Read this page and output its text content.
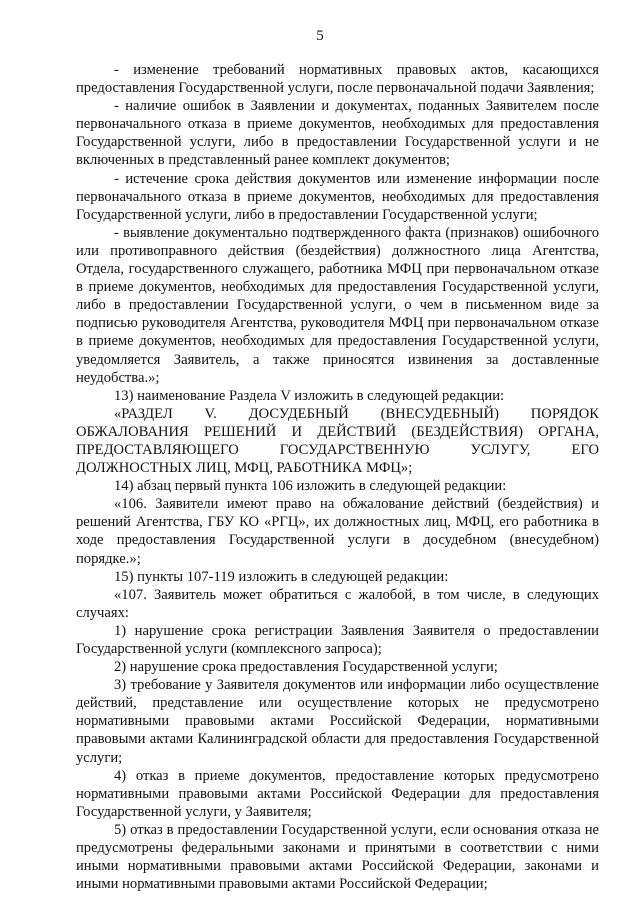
5

- изменение требований нормативных правовых актов, касающихся предоставления Государственной услуги, после первоначальной подачи Заявления;

- наличие ошибок в Заявлении и документах, поданных Заявителем после первоначального отказа в приеме документов, необходимых для предоставления Государственной услуги, либо в предоставлении Государственной услуги и не включенных в представленный ранее комплект документов;

- истечение срока действия документов или изменение информации после первоначального отказа в приеме документов, необходимых для предоставления Государственной услуги, либо в предоставлении Государственной услуги;

- выявление документально подтвержденного факта (признаков) ошибочного или противоправного действия (бездействия) должностного лица Агентства, Отдела, государственного служащего, работника МФЦ при первоначальном отказе в приеме документов, необходимых для предоставления Государственной услуги, либо в предоставлении Государственной услуги, о чем в письменном виде за подписью руководителя Агентства, руководителя МФЦ при первоначальном отказе в приеме документов, необходимых для предоставления Государственной услуги, уведомляется Заявитель, а также приносятся извинения за доставленные неудобства.»;

13) наименование Раздела V изложить в следующей редакции:

«РАЗДЕЛ V. ДОСУДЕБНЫЙ (ВНЕСУДЕБНЫЙ) ПОРЯДОК ОБЖАЛОВАНИЯ РЕШЕНИЙ И ДЕЙСТВИЙ (БЕЗДЕЙСТВИЯ) ОРГАНА, ПРЕДОСТАВЛЯЮЩЕГО ГОСУДАРСТВЕННУЮ УСЛУГУ, ЕГО ДОЛЖНОСТНЫХ ЛИЦ, МФЦ, РАБОТНИКА МФЦ»;

14) абзац первый пункта 106 изложить в следующей редакции:

«106. Заявители имеют право на обжалование действий (бездействия) и решений Агентства, ГБУ КО «РГЦ», их должностных лиц, МФЦ, его работника в ходе предоставления Государственной услуги в досудебном (внесудебном) порядке.»;

15) пункты 107-119 изложить в следующей редакции:

«107. Заявитель может обратиться с жалобой, в том числе, в следующих случаях:

1) нарушение срока регистрации Заявления Заявителя о предоставлении Государственной услуги (комплексного запроса);

2) нарушение срока предоставления Государственной услуги;

3) требование у Заявителя документов или информации либо осуществление действий, представление или осуществление которых не предусмотрено нормативными правовыми актами Российской Федерации, нормативными правовыми актами Калининградской области для предоставления Государственной услуги;

4) отказ в приеме документов, предоставление которых предусмотрено нормативными правовыми актами Российской Федерации для предоставления Государственной услуги, у Заявителя;

5) отказ в предоставлении Государственной услуги, если основания отказа не предусмотрены федеральными законами и принятыми в соответствии с ними иными нормативными правовыми актами Российской Федерации, законами и иными нормативными правовыми актами Российской Федерации;
